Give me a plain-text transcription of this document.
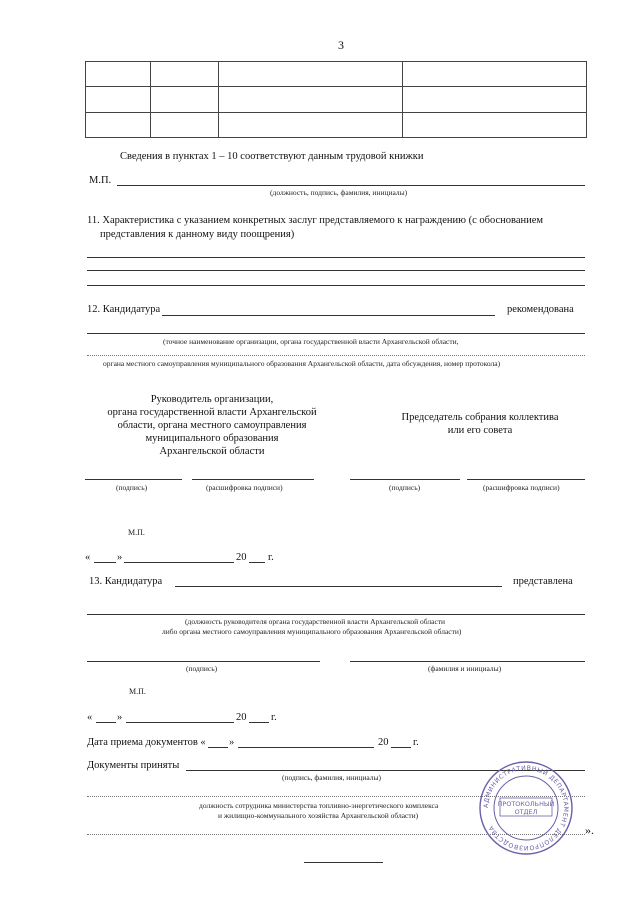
3

Сведения в пунктах 1 – 10 соответствуют данным трудовой книжки
М.П.
(должность, подпись, фамилия, инициалы)
11. Характеристика с указанием конкретных заслуг представляемого к награждению (с обоснованием
представления к данному виду поощрения)
12. Кандидатура	рекомендована
(точное наименование организации, органа государственной власти Архангельской области,
органа местного самоуправления муниципального образования Архангельской области, дата обсуждения, номер протокола)
Руководитель организации,
органа государственной власти Архангельской
области, органа местного самоуправления
муниципального образования
Архангельской области
Председатель собрания коллектива
или его совета
(подпись)	(расшифровка подписи)	(подпись)	(расшифровка подписи)
М.П.
«	»	20 г.
13. Кандидатура	представлена
(должность руководителя органа государственной власти Архангельской области
либо органа местного самоуправления муниципального образования Архангельской области)
(подпись)	(фамилия и инициалы)
М.П.
« »	20 г.
Дата приема документов « »	20 г.
Документы приняты
(подпись, фамилия, инициалы)
должность сотрудника министерства топливно-энергетического комплекса
и жилищно-коммунального хозяйства Архангельской области)
».
АДМИНИСТРАТИВНЫЙ ДЕПАРТАМЕНТ ДЕЛОПРОИЗВОДСТВА
ПРОТОКОЛЬНЫЙ
ОТДЕЛ
